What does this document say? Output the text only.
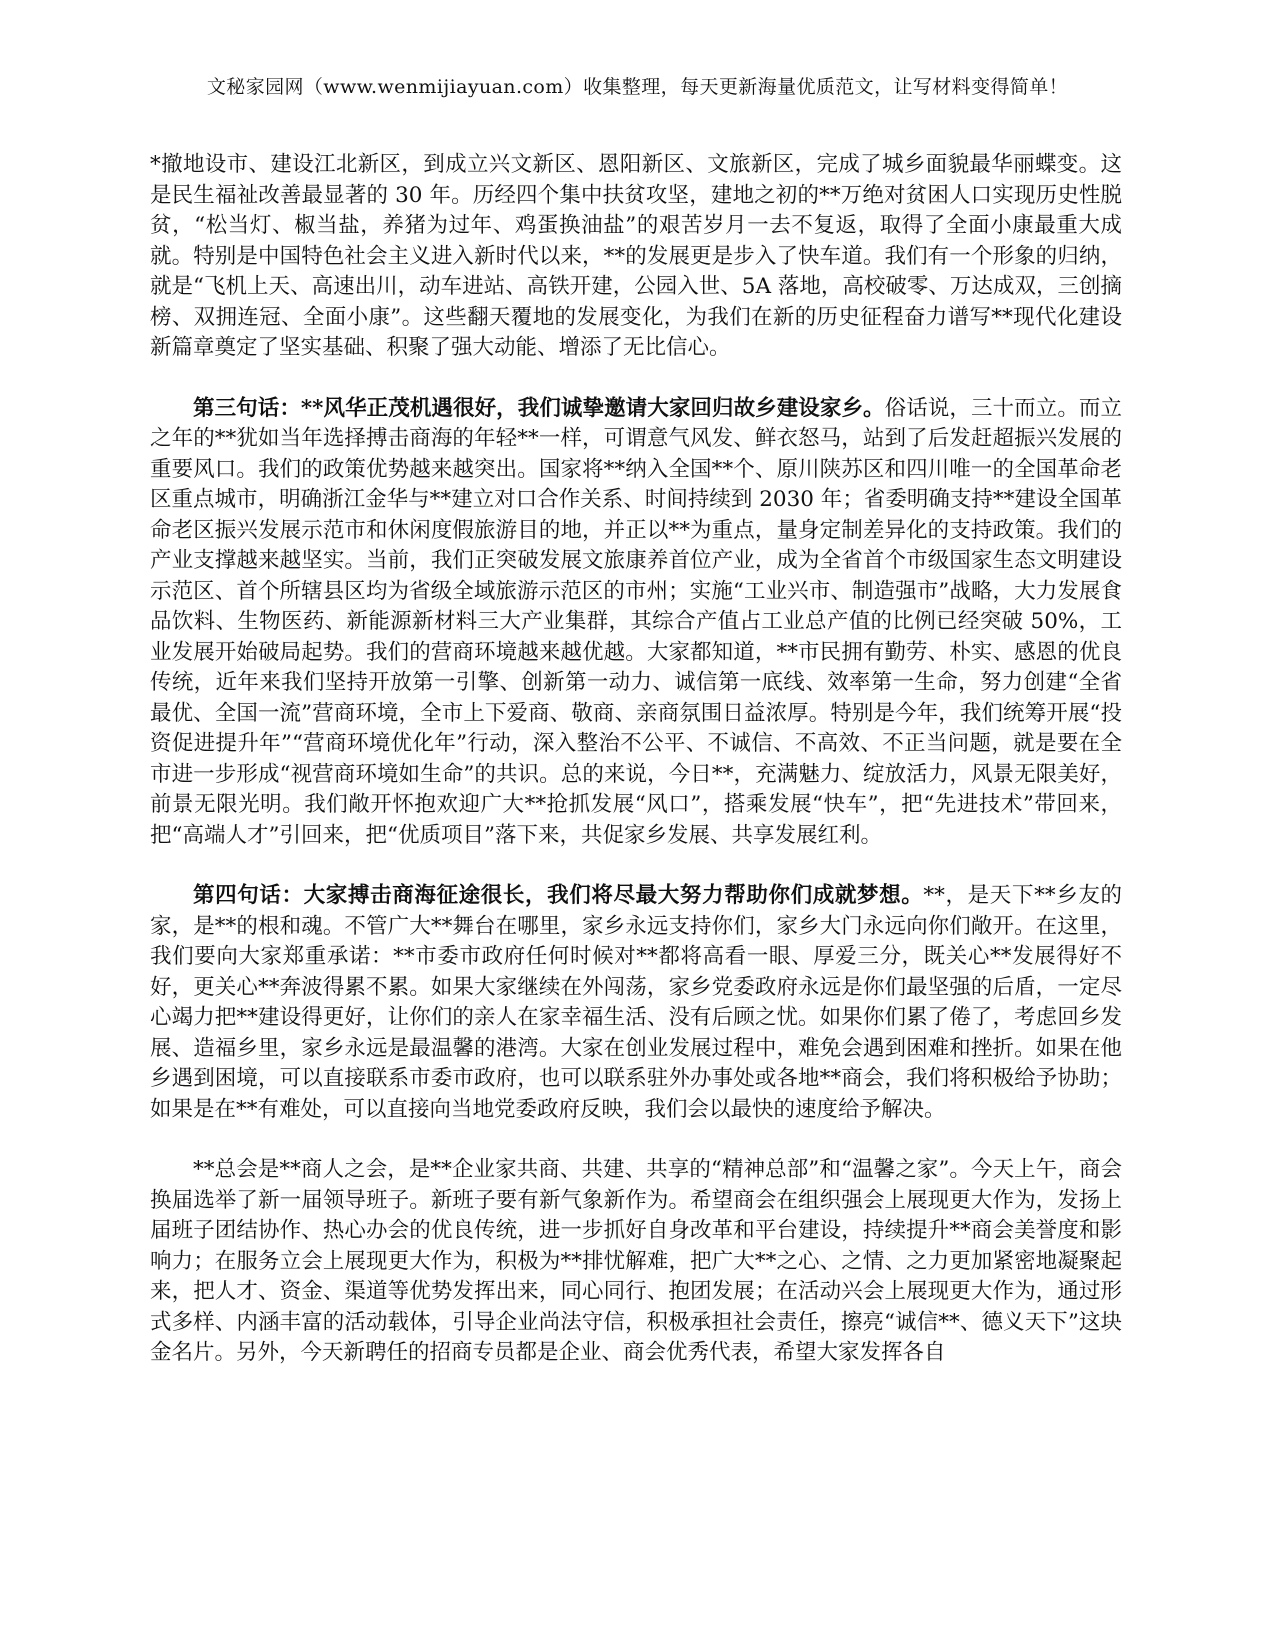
文秘家园网（www.wenmijiayuan.com）收集整理，每天更新海量优质范文，让写材料变得简单！

*撤地设市、建设江北新区，到成立兴文新区、恩阳新区、文旅新区，完成了城乡面貌最华丽蝶变。这是民生福祉改善最显著的 30 年。历经四个集中扶贫攻坚，建地之初的**万绝对贫困人口实现历史性脱贫，“松当灯、椒当盐，养猪为过年、鸡蛋换油盐”的艰苦岁月一去不复返，取得了全面小康最重大成就。特别是中国特色社会主义进入新时代以来，**的发展更是步入了快车道。我们有一个形象的归纳，就是“飞机上天、高速出川，动车进站、高铁开建，公园入世、5A 落地，高校破零、万达成双，三创摘榜、双拥连冠、全面小康”。这些翻天覆地的发展变化，为我们在新的历史征程奋力谱写**现代化建设新篇章奠定了坚实基础、积聚了强大动能、增添了无比信心。

第三句话：**风华正茂机遇很好，我们诚挚邀请大家回归故乡建设家乡。俗话说，三十而立。而立之年的**犹如当年选择搏击商海的年轻**一样，可谓意气风发、鲜衣怒马，站到了后发赶超振兴发展的重要风口。我们的政策优势越来越突出。国家将**纳入全国**个、原川陕苏区和四川唯一的全国革命老区重点城市，明确浙江金华与**建立对口合作关系、时间持续到 2030 年；省委明确支持**建设全国革命老区振兴发展示范市和休闲度假旅游目的地，并正以**为重点，量身定制差异化的支持政策。我们的产业支撑越来越坚实。当前，我们正突破发展文旅康养首位产业，成为全省首个市级国家生态文明建设示范区、首个所辖县区均为省级全域旅游示范区的市州；实施“工业兴市、制造强市”战略，大力发展食品饮料、生物医药、新能源新材料三大产业集群，其综合产值占工业总产值的比例已经突破 50%，工业发展开始破局起势。我们的营商环境越来越优越。大家都知道，**市民拥有勤劳、朴实、感恩的优良传统，近年来我们坚持开放第一引擎、创新第一动力、诚信第一底线、效率第一生命，努力创建“全省最优、全国一流”营商环境，全市上下爱商、敬商、亲商氛围日益浓厚。特别是今年，我们统筹开展“投资促进提升年”“营商环境优化年”行动，深入整治不公平、不诚信、不高效、不正当问题，就是要在全市进一步形成“视营商环境如生命”的共识。总的来说，今日**，充满魅力、绽放活力，风景无限美好，前景无限光明。我们敞开怀抱欢迎广大**抢抓发展“风口”，搭乘发展“快车”，把“先进技术”带回来，把“高端人才”引回来，把“优质项目”落下来，共促家乡发展、共享发展红利。

第四句话：大家搏击商海征途很长，我们将尽最大努力帮助你们成就梦想。**，是天下**乡友的家，是**的根和魂。不管广大**舞台在哪里，家乡永远支持你们，家乡大门永远向你们敞开。在这里，我们要向大家郑重承诺：**市委市政府任何时候对**都将高看一眼、厚爱三分，既关心**发展得好不好，更关心**奔波得累不累。如果大家继续在外闯荡，家乡党委政府永远是你们最坚强的后盾，一定尽心竭力把**建设得更好，让你们的亲人在家幸福生活、没有后顾之忧。如果你们累了倦了，考虑回乡发展、造福乡里，家乡永远是最温馨的港湾。大家在创业发展过程中，难免会遇到困难和挫折。如果在他乡遇到困境，可以直接联系市委市政府，也可以联系驻外办事处或各地**商会，我们将积极给予协助；如果是在**有难处，可以直接向当地党委政府反映，我们会以最快的速度给予解决。

**总会是**商人之会，是**企业家共商、共建、共享的“精神总部”和“温馨之家”。今天上午，商会换届选举了新一届领导班子。新班子要有新气象新作为。希望商会在组织强会上展现更大作为，发扬上届班子团结协作、热心办会的优良传统，进一步抓好自身改革和平台建设，持续提升**商会美誉度和影响力；在服务立会上展现更大作为，积极为**排忧解难，把广大**之心、之情、之力更加紧密地凝聚起来，把人才、资金、渠道等优势发挥出来，同心同行、抱团发展；在活动兴会上展现更大作为，通过形式多样、内涵丰富的活动载体，引导企业尚法守信，积极承担社会责任，擦亮“诚信**、德义天下”这块金名片。另外，今天新聘任的招商专员都是企业、商会优秀代表，希望大家发挥各自
